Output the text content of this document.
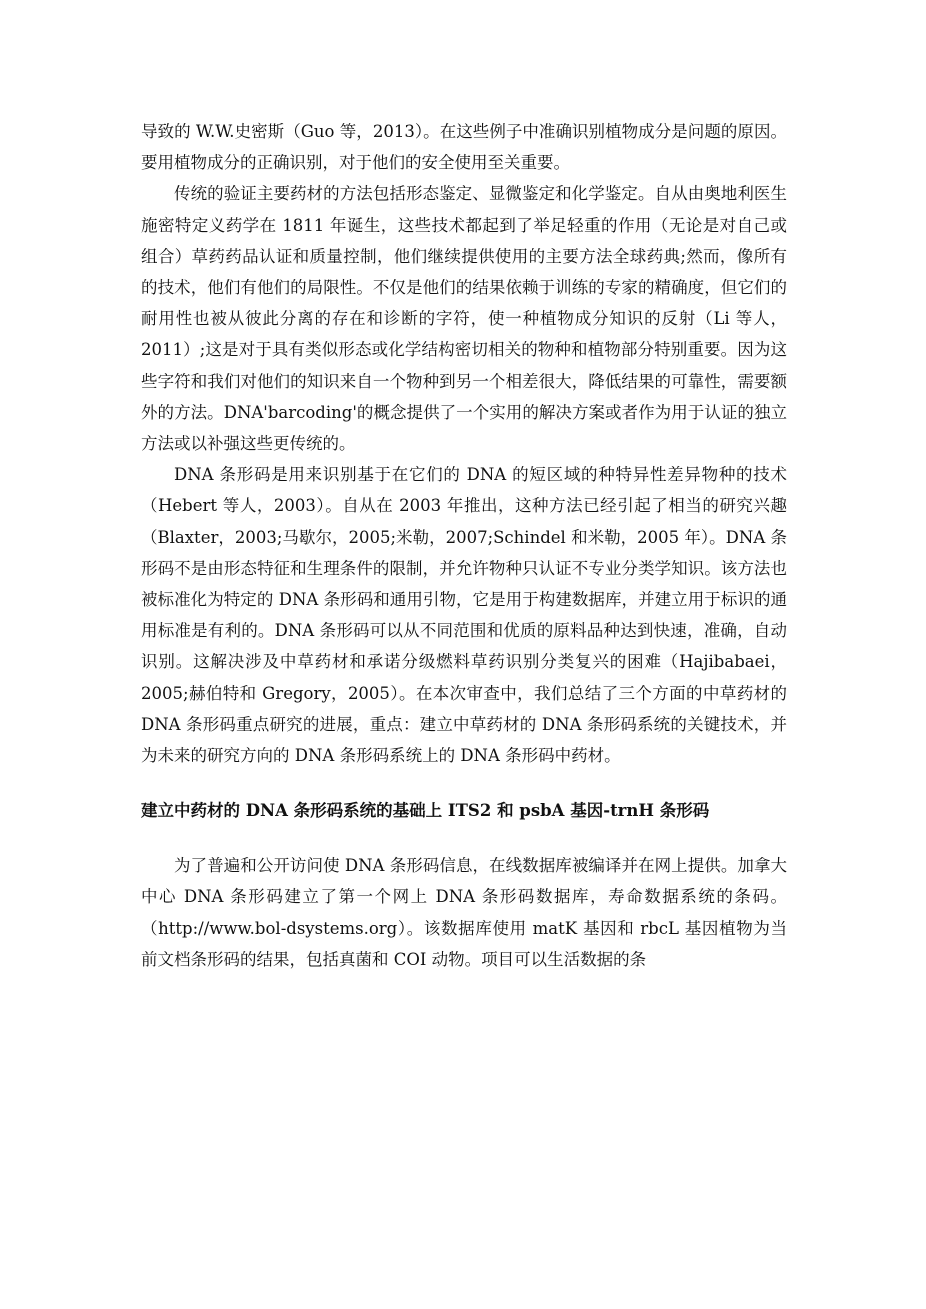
导致的 W.W.史密斯（Guo 等，2013）。在这些例子中准确识别植物成分是问题的原因。要用植物成分的正确识别，对于他们的安全使用至关重要。

传统的验证主要药材的方法包括形态鉴定、显微鉴定和化学鉴定。自从由奥地利医生施密特定义药学在 1811 年诞生，这些技术都起到了举足轻重的作用（无论是对自己或组合）草药药品认证和质量控制，他们继续提供使用的主要方法全球药典;然而，像所有的技术，他们有他们的局限性。不仅是他们的结果依赖于训练的专家的精确度，但它们的耐用性也被从彼此分离的存在和诊断的字符，使一种植物成分知识的反射（Li 等人，2011）;这是对于具有类似形态或化学结构密切相关的物种和植物部分特别重要。因为这些字符和我们对他们的知识来自一个物种到另一个相差很大，降低结果的可靠性，需要额外的方法。DNA'barcoding'的概念提供了一个实用的解决方案或者作为用于认证的独立方法或以补强这些更传统的。

DNA 条形码是用来识别基于在它们的 DNA 的短区域的种特异性差异物种的技术（Hebert 等人，2003）。自从在 2003 年推出，这种方法已经引起了相当的研究兴趣（Blaxter，2003;马歇尔，2005;米勒，2007;Schindel 和米勒，2005 年）。DNA 条形码不是由形态特征和生理条件的限制，并允许物种只认证不专业分类学知识。该方法也被标准化为特定的 DNA 条形码和通用引物，它是用于构建数据库，并建立用于标识的通用标准是有利的。DNA 条形码可以从不同范围和优质的原料品种达到快速，准确，自动识别。这解决涉及中草药材和承诺分级燃料草药识别分类复兴的困难（Hajibabaei，2005;赫伯特和 Gregory，2005）。在本次审查中，我们总结了三个方面的中草药材的 DNA 条形码重点研究的进展，重点：建立中草药材的 DNA 条形码系统的关键技术，并为未来的研究方向的 DNA 条形码系统上的 DNA 条形码中药材。

建立中药材的 DNA 条形码系统的基础上 ITS2 和 psbA 基因-trnH 条形码

为了普遍和公开访问使 DNA 条形码信息，在线数据库被编译并在网上提供。加拿大中心 DNA 条形码建立了第一个网上 DNA 条形码数据库，寿命数据系统的条码。（http://www.bol-dsystems.org）。该数据库使用 matK 基因和 rbcL 基因植物为当前文档条形码的结果，包括真菌和 COI 动物。项目可以生活数据的条
